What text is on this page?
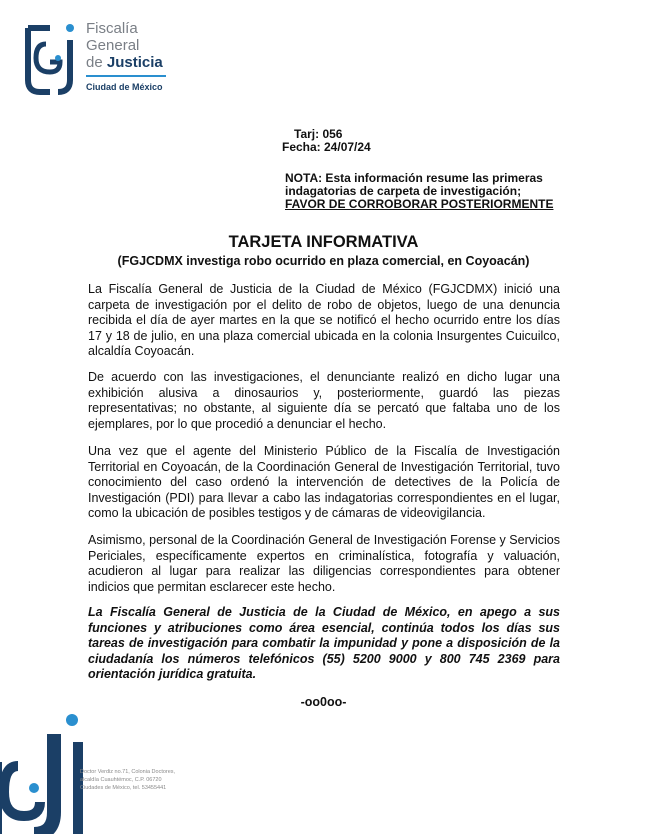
Fiscalía
General
de Justicia
Ciudad de México
Tarj: 056
Fecha: 24/07/24
NOTA: Esta información resume las primeras indagatorias de carpeta de investigación;
FAVOR DE CORROBORAR POSTERIORMENTE
TARJETA INFORMATIVA
(FGJCDMX investiga robo ocurrido en plaza comercial, en Coyoacán)

La Fiscalía General de Justicia de la Ciudad de México (FGJCDMX) inició una carpeta de investigación por el delito de robo de objetos, luego de una denuncia recibida el día de ayer martes en la que se notificó el hecho ocurrido entre los días 17 y 18 de julio, en una plaza comercial ubicada en la colonia Insurgentes Cuicuilco, alcaldía Coyoacán.

De acuerdo con las investigaciones, el denunciante realizó en dicho lugar una exhibición alusiva a dinosaurios y, posteriormente, guardó las piezas representativas; no obstante, al siguiente día se percató que faltaba uno de los ejemplares, por lo que procedió a denunciar el hecho.

Una vez que el agente del Ministerio Público de la Fiscalía de Investigación Territorial en Coyoacán, de la Coordinación General de Investigación Territorial, tuvo conocimiento del caso ordenó la intervención de detectives de la Policía de Investigación (PDI) para llevar a cabo las indagatorias correspondientes en el lugar, como la ubicación de posibles testigos y de cámaras de videovigilancia.

Asimismo, personal de la Coordinación General de Investigación Forense y Servicios Periciales, específicamente expertos en criminalística, fotografía y valuación, acudieron al lugar para realizar las diligencias correspondientes para obtener indicios que permitan esclarecer este hecho.

La Fiscalía General de Justicia de la Ciudad de México, en apego a sus funciones y atribuciones como área esencial, continúa todos los días sus tareas de investigación para combatir la impunidad y pone a disposición de la ciudadanía los números telefónicos (55) 5200 9000 y 800 745 2369 para orientación jurídica gratuita.

-oo0oo-
Doctor Verdiz no.71, Colonia Doctores,
alcaldía Cuauhtémoc, C.P. 06720
Ciudades de México, tel. 53455441
